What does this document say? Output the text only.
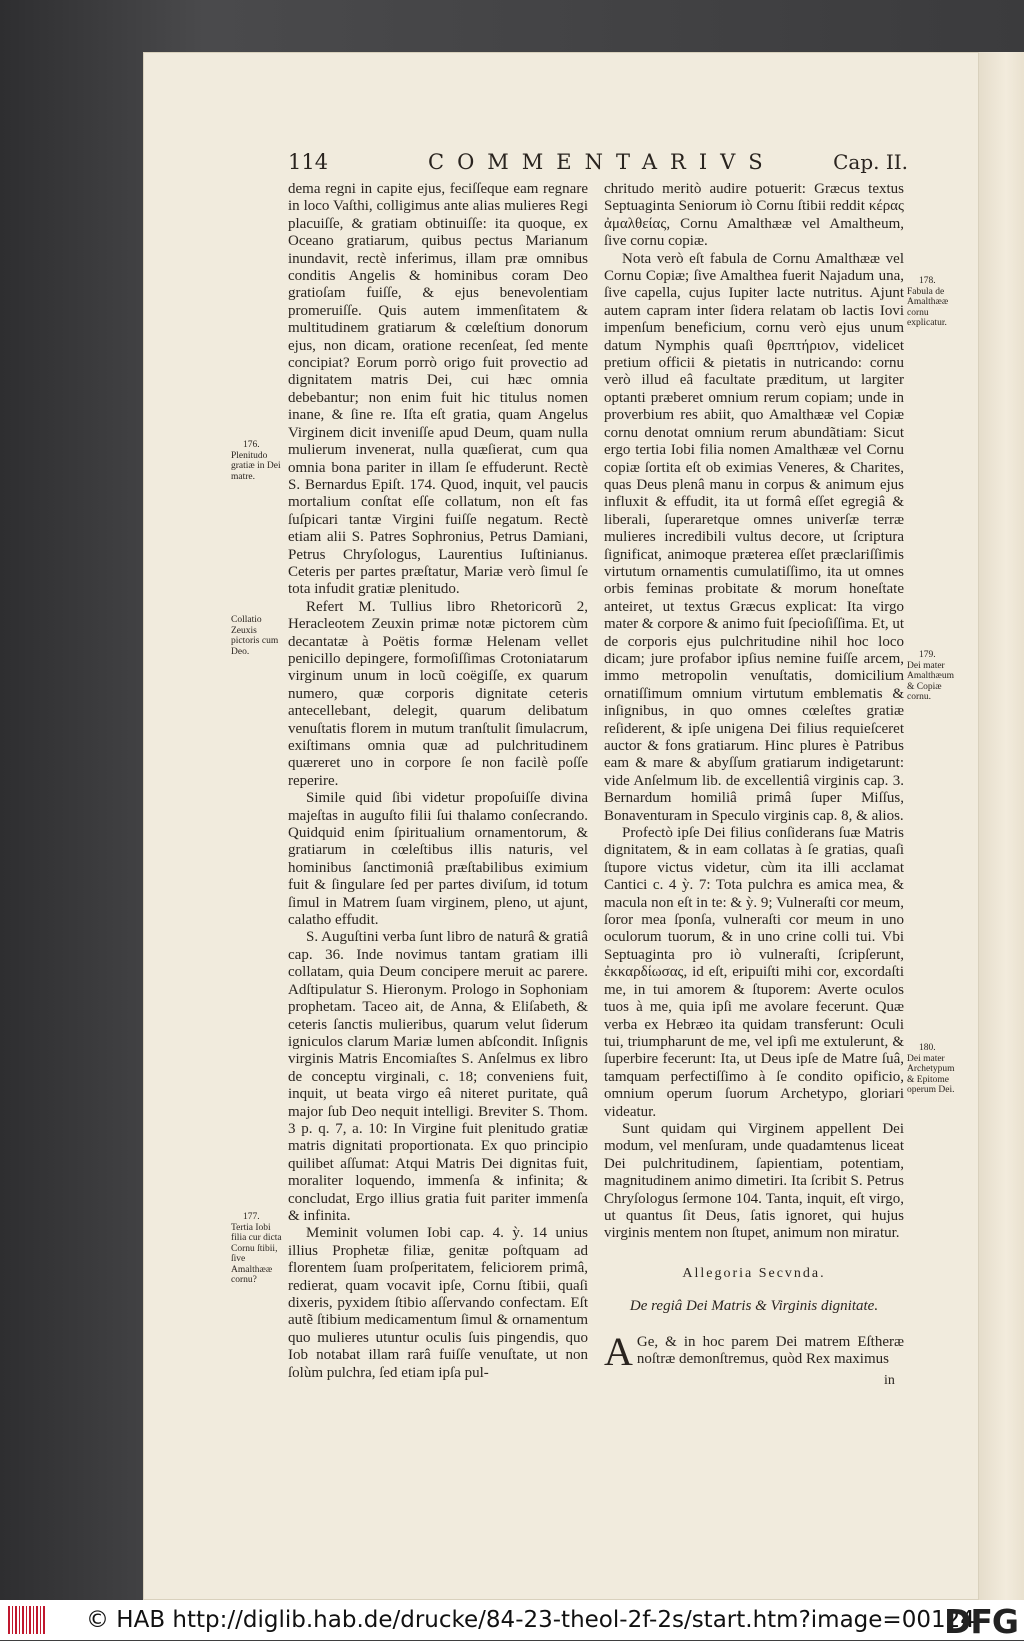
114	COMMENTARIVS	Cap. II.

dema regni in capite ejus, feciſſeque eam regnare in loco Vaſthi, colligimus ante alias mulieres Regi placuiſſe, & gratiam obtinuiſſe: ita quoque, ex Oceano gratiarum, quibus pectus Marianum inundavit, rectè inferimus, illam præ omnibus conditis Angelis & hominibus coram Deo gratioſam fuiſſe, & ejus benevolentiam promeruiſſe. Quis autem immenſitatem & multitudinem gratiarum & cœleſtium donorum ejus, non dicam, oratione recenſeat, ſed mente concipiat? Eorum porrò origo fuit provectio ad dignitatem matris Dei, cui hæc omnia debebantur; non enim fuit hic titulus nomen inane, & ſine re. Iſta eſt gratia, quam Angelus Virginem dicit inveniſſe apud Deum, quam nulla mulierum invenerat, nulla quæſierat, cum qua omnia bona pariter in illam ſe effuderunt. Rectè S. Bernardus Epiſt. 174. Quod, inquit, vel paucis mortalium conſtat eſſe collatum, non eſt fas ſuſpicari tantæ Virgini fuiſſe negatum. Rectè etiam alii S. Patres Sophronius, Petrus Damiani, Petrus Chryſologus, Laurentius Iuſtinianus. Ceteris per partes præſtatur, Mariæ verò ſimul ſe tota infudit gratiæ plenitudo.

Refert M. Tullius libro Rhetoricorũ 2, Heracleotem Zeuxin primæ notæ pictorem cùm decantatæ à Poëtis formæ Helenam vellet penicillo depingere, formoſiſſimas Crotoniatarum virginum unum in locũ coëgiſſe, ex quarum numero, quæ corporis dignitate ceteris antecellebant, delegit, quarum delibatum venuſtatis florem in mutum tranſtulit ſimulacrum, exiſtimans omnia quæ ad pulchritudinem quæreret uno in corpore ſe non facilè poſſe reperire.

Simile quid ſibi videtur propoſuiſſe divina majeſtas in auguſto filii ſui thalamo conſecrando. Quidquid enim ſpiritualium ornamentorum, & gratiarum in cœleſtibus illis naturis, vel hominibus ſanctimoniâ præſtabilibus eximium fuit & ſingulare ſed per partes diviſum, id totum ſimul in Matrem ſuam virginem, pleno, ut ajunt, calatho effudit.

S. Auguſtini verba ſunt libro de naturâ & gratiâ cap. 36. Inde novimus tantam gratiam illi collatam, quia Deum concipere meruit ac parere. Adſtipulatur S. Hieronym. Prologo in Sophoniam prophetam. Taceo ait, de Anna, & Eliſabeth, & ceteris ſanctis mulieribus, quarum velut ſiderum igniculos clarum Mariæ lumen abſcondit. Inſignis virginis Matris Encomiaſtes S. Anſelmus ex libro de conceptu virginali, c. 18; conveniens fuit, inquit, ut beata virgo eâ niteret puritate, quâ major ſub Deo nequit intelligi. Breviter S. Thom. 3 p. q. 7, a. 10: In Virgine fuit plenitudo gratiæ matris dignitati proportionata. Ex quo principio quilibet aſſumat: Atqui Matris Dei dignitas fuit, moraliter loquendo, immenſa & infinita; & concludat, Ergo illius gratia fuit pariter immenſa & infinita.

Meminit volumen Iobi cap. 4. ỳ. 14 unius illius Prophetæ filiæ, genitæ poſtquam ad florentem ſuam proſperitatem, feliciorem primâ, redierat, quam vocavit ipſe, Cornu ſtibii, quaſi dixeris, pyxidem ſtibio aſſervando confectam. Eſt autẽ ſtibium medicamentum ſimul & ornamentum quo mulieres utuntur oculis ſuis pingendis, quo Iob notabat illam rarâ fuiſſe venuſtate, ut non ſolùm pulchra, ſed etiam ipſa pul-

chritudo meritò audire potuerit: Græcus textus Septuaginta Seniorum iò Cornu ſtibii reddit κέρας ἀμαλθείας, Cornu Amalthææ vel Amaltheum, ſive cornu copiæ.

Nota verò eſt fabula de Cornu Amalthææ vel Cornu Copiæ; ſive Amalthea fuerit Najadum una, ſive capella, cujus Iupiter lacte nutritus. Ajunt autem capram inter ſidera relatam ob lactis Iovi impenſum beneficium, cornu verò ejus unum datum Nymphis quaſi θρεπτήριον, videlicet pretium officii & pietatis in nutricando: cornu verò illud eâ facultate præditum, ut largiter optanti præberet omnium rerum copiam; unde in proverbium res abiit, quo Amalthææ vel Copiæ cornu denotat omnium rerum abundãtiam: Sicut ergo tertia Iobi filia nomen Amalthææ vel Cornu copiæ ſortita eſt ob eximias Veneres, & Charites, quas Deus plenâ manu in corpus & animum ejus influxit & effudit, ita ut formâ eſſet egregiâ & liberali, ſuperaretque omnes univerſæ terræ mulieres incredibili vultus decore, ut ſcriptura ſignificat, animoque præterea eſſet præclariſſimis virtutum ornamentis cumulatiſſimo, ita ut omnes orbis feminas probitate & morum honeſtate anteiret, ut textus Græcus explicat: Ita virgo mater & corpore & animo fuit ſpecioſiſſima. Et, ut de corporis ejus pulchritudine nihil hoc loco dicam; jure profabor ipſius nemine fuiſſe arcem, immo metropolin venuſtatis, domicilium ornatiſſimum omnium virtutum emblematis & inſignibus, in quo omnes cœleſtes gratiæ reſiderent, & ipſe unigena Dei filius requieſceret auctor & fons gratiarum. Hinc plures è Patribus eam & mare & abyſſum gratiarum indigetarunt: vide Anſelmum lib. de excellentiâ virginis cap. 3. Bernardum homiliâ primâ ſuper Miſſus, Bonaventuram in Speculo virginis cap. 8, & alios.

Profectò ipſe Dei filius conſiderans ſuæ Matris dignitatem, & in eam collatas à ſe gratias, quaſi ſtupore victus videtur, cùm ita illi acclamat Cantici c. 4 ỳ. 7: Tota pulchra es amica mea, & macula non eſt in te: & ỳ. 9; Vulneraſti cor meum, ſoror mea ſponſa, vulneraſti cor meum in uno oculorum tuorum, & in uno crine colli tui. Vbi Septuaginta pro iò vulneraſti, ſcripſerunt, ἐκκαρδίωσας, id eſt, eripuiſti mihi cor, excordaſti me, in tui amorem & ſtuporem: Averte oculos tuos à me, quia ipſi me avolare fecerunt. Quæ verba ex Hebræo ita quidam transferunt: Oculi tui, triumpharunt de me, vel ipſi me extulerunt, & ſuperbire fecerunt: Ita, ut Deus ipſe de Matre ſuâ, tamquam perfectiſſimo à ſe condito opificio, omnium operum ſuorum Archetypo, gloriari videatur.

Sunt quidam qui Virginem appellent Dei modum, vel menſuram, unde quadamtenus liceat Dei pulchritudinem, ſapientiam, potentiam, magnitudinem animo dimetiri. Ita ſcribit S. Petrus Chryſologus ſermone 104. Tanta, inquit, eſt virgo, ut quantus ſit Deus, ſatis ignoret, qui hujus virginis mentem non ſtupet, animum non miratur.

176.
Plenitudo gratiæ in Dei matre.
Collatio Zeuxis pictoris cum Deo.
177.
Tertia Iobi filia cur dicta Cornu ſtibii, ſive Amalthææ cornu?
178.
Fabula de Amalthææ cornu explicatur.
179.
Dei mater Amalthæum & Copiæ cornu.
180.
Dei mater Archetypum & Epitome operum Dei.
Allegoria Secvnda.
De regiâ Dei Matris & Virginis dignitate.
A Ge, & in hoc parem Dei matrem Eſtheræ noſtræ demonſtremus, quòd Rex maximus
in
© HAB http://diglib.hab.de/drucke/84-23-theol-2f-2s/start.htm?image=00124
DFG
